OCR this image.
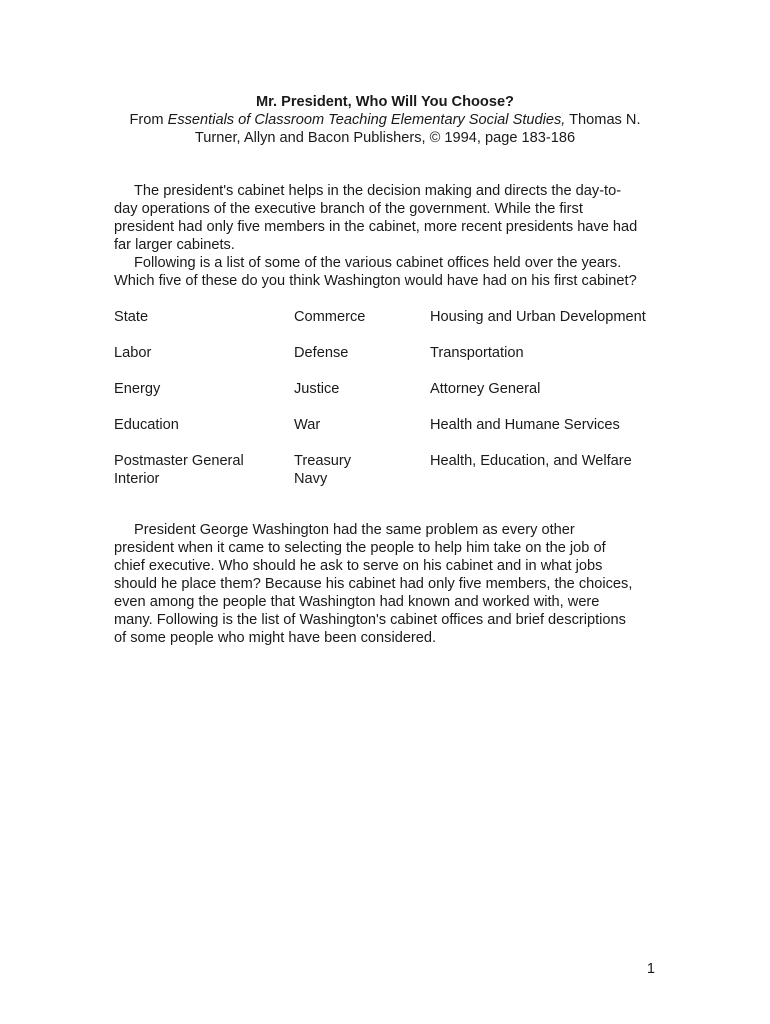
Mr. President, Who Will You Choose?
From Essentials of Classroom Teaching Elementary Social Studies, Thomas N.
Turner, Allyn and Bacon Publishers, © 1994, page 183-186
The president's cabinet helps in the decision making and directs the day-to-
day operations of the executive branch of the government. While the first
president had only five members in the cabinet, more recent presidents have had
far larger cabinets.
Following is a list of some of the various cabinet offices held over the years.
Which five of these do you think Washington would have had on his first cabinet?
State	Commerce	Housing and Urban Development
Labor	Defense	Transportation
Energy	Justice	Attorney General
Education	War	Health and Humane Services
Postmaster General	Treasury	Health, Education, and Welfare
Interior	Navy	
President George Washington had the same problem as every other
president when it came to selecting the people to help him take on the job of
chief executive. Who should he ask to serve on his cabinet and in what jobs
should he place them? Because his cabinet had only five members, the choices,
even among the people that Washington had known and worked with, were
many. Following is the list of Washington's cabinet offices and brief descriptions
of some people who might have been considered.
1
